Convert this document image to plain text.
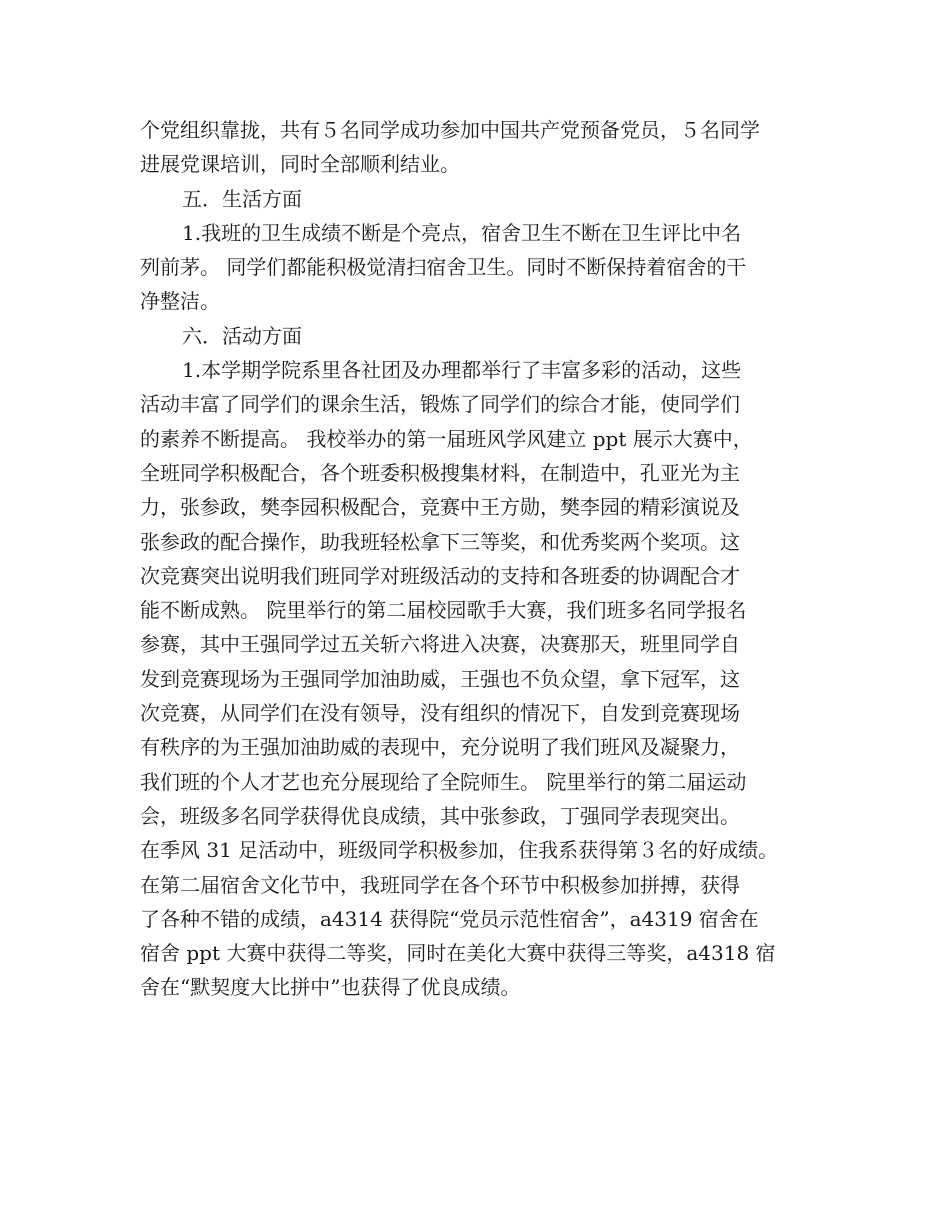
个党组织靠拢，共有５名同学成功参加中国共产党预备党员，５名同学
进展党课培训，同时全部顺利结业。
五．生活方面
1.我班的卫生成绩不断是个亮点，宿舍卫生不断在卫生评比中名
列前茅。 同学们都能积极觉清扫宿舍卫生。同时不断保持着宿舍的干
净整洁。
六．活动方面
1.本学期学院系里各社团及办理都举行了丰富多彩的活动，这些
活动丰富了同学们的课余生活，锻炼了同学们的综合才能，使同学们
的素养不断提高。 我校举办的第一届班风学风建立 ppt 展示大赛中，
全班同学积极配合，各个班委积极搜集材料，在制造中，孔亚光为主
力，张参政，樊李园积极配合，竞赛中王方勋，樊李园的精彩演说及
张参政的配合操作，助我班轻松拿下三等奖，和优秀奖两个奖项。这
次竞赛突出说明我们班同学对班级活动的支持和各班委的协调配合才
能不断成熟。 院里举行的第二届校园歌手大赛，我们班多名同学报名
参赛，其中王强同学过五关斩六将进入决赛，决赛那天，班里同学自
发到竞赛现场为王强同学加油助威，王强也不负众望，拿下冠军，这
次竞赛，从同学们在没有领导，没有组织的情况下，自发到竞赛现场
有秩序的为王强加油助威的表现中，充分说明了我们班风及凝聚力，
我们班的个人才艺也充分展现给了全院师生。 院里举行的第二届运动
会，班级多名同学获得优良成绩，其中张参政，丁强同学表现突出。
在季风 31 足活动中，班级同学积极参加，住我系获得第３名的好成绩。
在第二届宿舍文化节中，我班同学在各个环节中积极参加拼搏，获得
了各种不错的成绩，a4314 获得院“党员示范性宿舍”，a4319 宿舍在
宿舍 ppt 大赛中获得二等奖，同时在美化大赛中获得三等奖，a4318 宿
舍在“默契度大比拼中”也获得了优良成绩。
